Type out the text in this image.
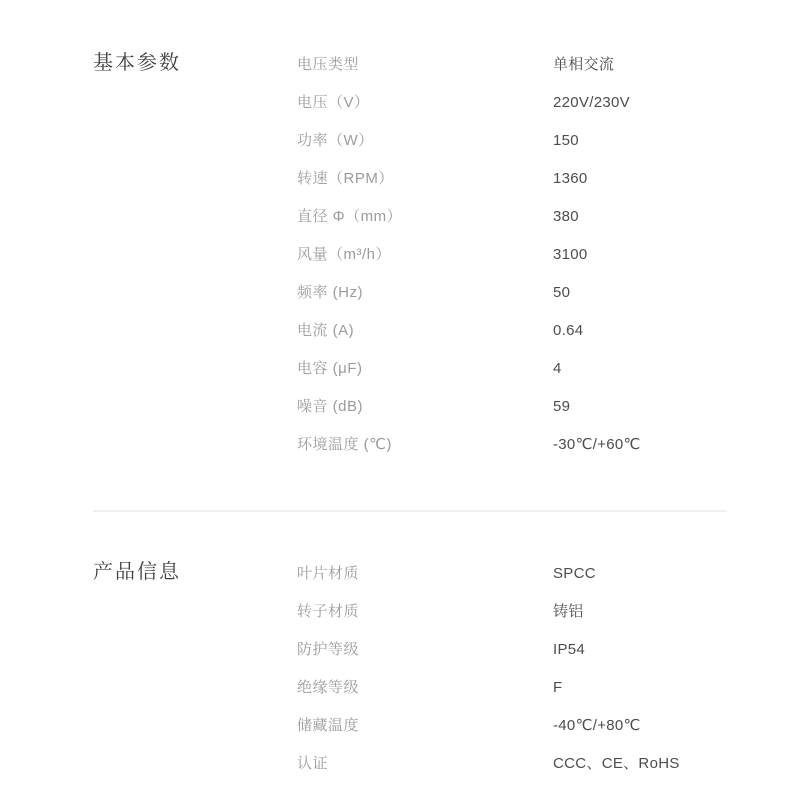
基本参数	电压类型	单相交流
电压（V）	220V/230V
功率（W）	150
转速（RPM）	1360
直径 Φ（mm）	380
风量（m³/h）	3100
频率 (Hz)	50
电流 (A)	0.64
电容 (μF)	4
噪音 (dB)	59
环境温度 (℃)	-30℃/+60℃
产品信息	叶片材质	SPCC
转子材质	铸铝
防护等级	IP54
绝缘等级	F
储藏温度	-40℃/+80℃
认证	CCC、CE、RoHS
